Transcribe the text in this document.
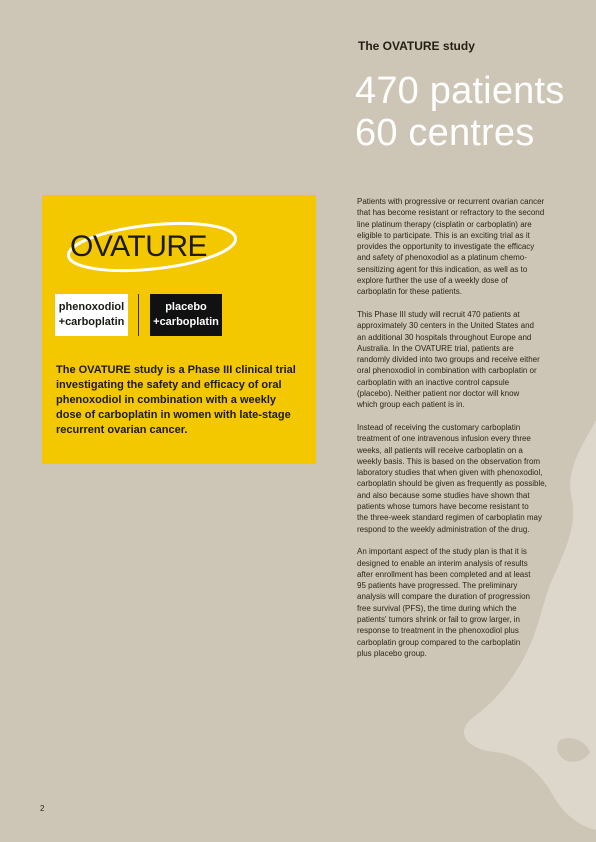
The OVATURE study
470 patients
60 centres
OVATURE
phenoxodiol
+carboplatin
placebo
+carboplatin
The OVATURE study is a Phase III clinical trial
investigating the safety and efficacy of oral
phenoxodiol in combination with a weekly
dose of carboplatin in women with late-stage
recurrent ovarian cancer.

Patients with progressive or recurrent ovarian cancer
that has become resistant or refractory to the second
line platinum therapy (cisplatin or carboplatin) are
eligible to participate. This is an exciting trial as it
provides the opportunity to investigate the efficacy
and safety of phenoxodiol as a platinum chemo-
sensitizing agent for this indication, as well as to
explore further the use of a weekly dose of
carboplatin for these patients.

This Phase III study will recruit 470 patients at
approximately 30 centers in the United States and
an additional 30 hospitals throughout Europe and
Australia. In the OVATURE trial, patients are
randomly divided into two groups and receive either
oral phenoxodiol in combination with carboplatin or
carboplatin with an inactive control capsule
(placebo). Neither patient nor doctor will know
which group each patient is in.

Instead of receiving the customary carboplatin
treatment of one intravenous infusion every three
weeks, all patients will receive carboplatin on a
weekly basis. This is based on the observation from
laboratory studies that when given with phenoxodiol,
carboplatin should be given as frequently as possible,
and also because some studies have shown that
patients whose tumors have become resistant to
the three-week standard regimen of carboplatin may
respond to the weekly administration of the drug.

An important aspect of the study plan is that it is
designed to enable an interim analysis of results
after enrollment has been completed and at least
95 patients have progressed. The preliminary
analysis will compare the duration of progression
free survival (PFS), the time during which the
patients' tumors shrink or fail to grow larger, in
response to treatment in the phenoxodiol plus
carboplatin group compared to the carboplatin
plus placebo group.

2
